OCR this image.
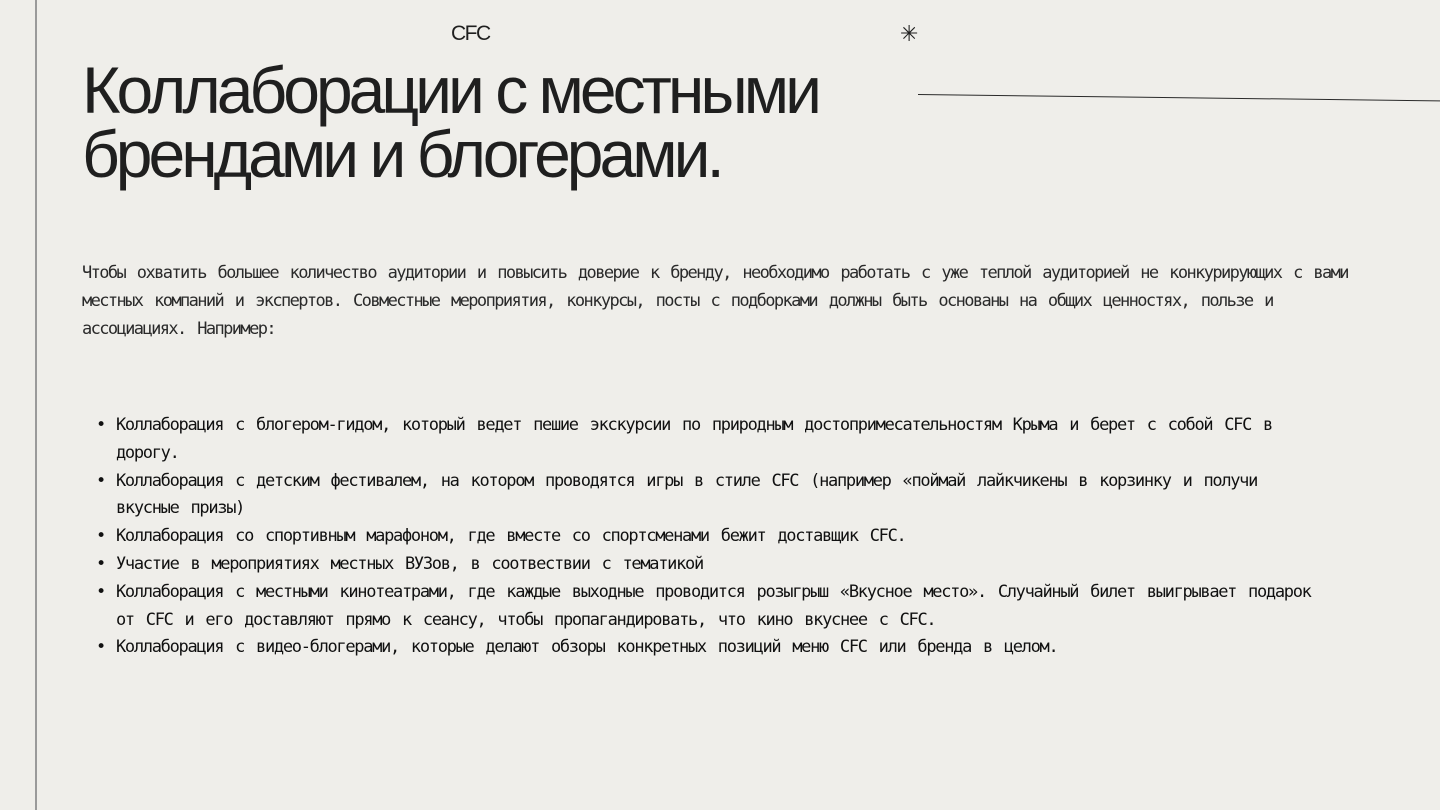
CFC	✳
Коллаборации с местными
брендами и блогерами.

Чтобы охватить большее количество аудитории и повысить доверие к бренду, необходимо работать с уже теплой аудиторией не конкурирующих с вами местных компаний и экспертов. Совместные мероприятия, конкурсы, посты с подборками должны быть основаны на общих ценностях, пользе и ассоциациях. Например:

• Коллаборация с блогером-гидом, который ведет пешие экскурсии по природным достопримесательностям Крыма и берет с собой CFC в дорогу.
• Коллаборация с детским фестивалем, на котором проводятся игры в стиле CFC (например «поймай лайкчикены в корзинку и получи вкусные призы)
• Коллаборация со спортивным марафоном, где вместе со спортсменами бежит доставщик CFC.
• Участие в мероприятиях местных ВУЗов, в соотвествии с тематикой
• Коллаборация с местными кинотеатрами, где каждые выходные проводится розыгрыш «Вкусное место». Случайный билет выигрывает подарок от CFC и его доставляют прямо к сеансу, чтобы пропагандировать, что кино вкуснее с CFC.
• Коллаборация с видео-блогерами, которые делают обзоры конкретных позиций меню CFC или бренда в целом.
